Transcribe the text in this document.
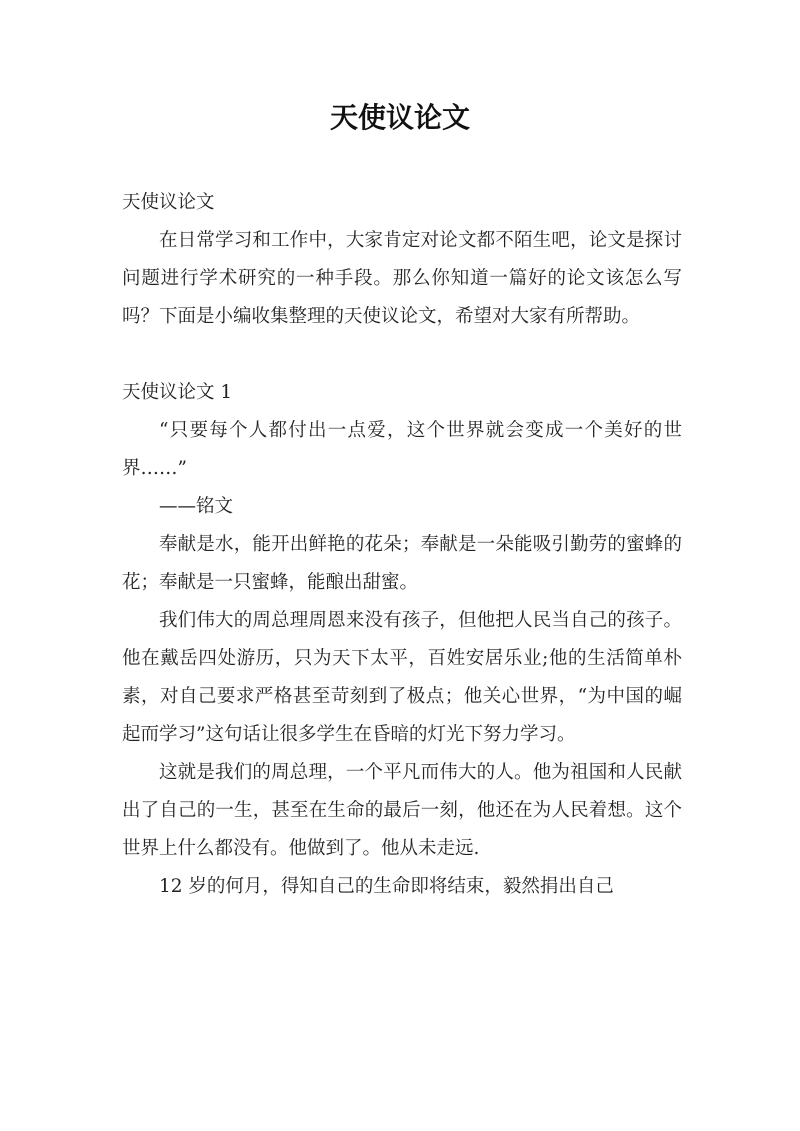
天使议论文

天使议论文

在日常学习和工作中，大家肯定对论文都不陌生吧，论文是探讨问题进行学术研究的一种手段。那么你知道一篇好的论文该怎么写吗？下面是小编收集整理的天使议论文，希望对大家有所帮助。

天使议论文 1

“只要每个人都付出一点爱，这个世界就会变成一个美好的世界……”

——铭文

奉献是水，能开出鲜艳的花朵；奉献是一朵能吸引勤劳的蜜蜂的花；奉献是一只蜜蜂，能酿出甜蜜。

我们伟大的周总理周恩来没有孩子，但他把人民当自己的孩子。他在戴岳四处游历，只为天下太平，百姓安居乐业;他的生活简单朴素，对自己要求严格甚至苛刻到了极点；他关心世界，“为中国的崛起而学习”这句话让很多学生在昏暗的灯光下努力学习。

这就是我们的周总理，一个平凡而伟大的人。他为祖国和人民献出了自己的一生，甚至在生命的最后一刻，他还在为人民着想。这个世界上什么都没有。他做到了。他从未走远.

12 岁的何月，得知自己的生命即将结束，毅然捐出自己
